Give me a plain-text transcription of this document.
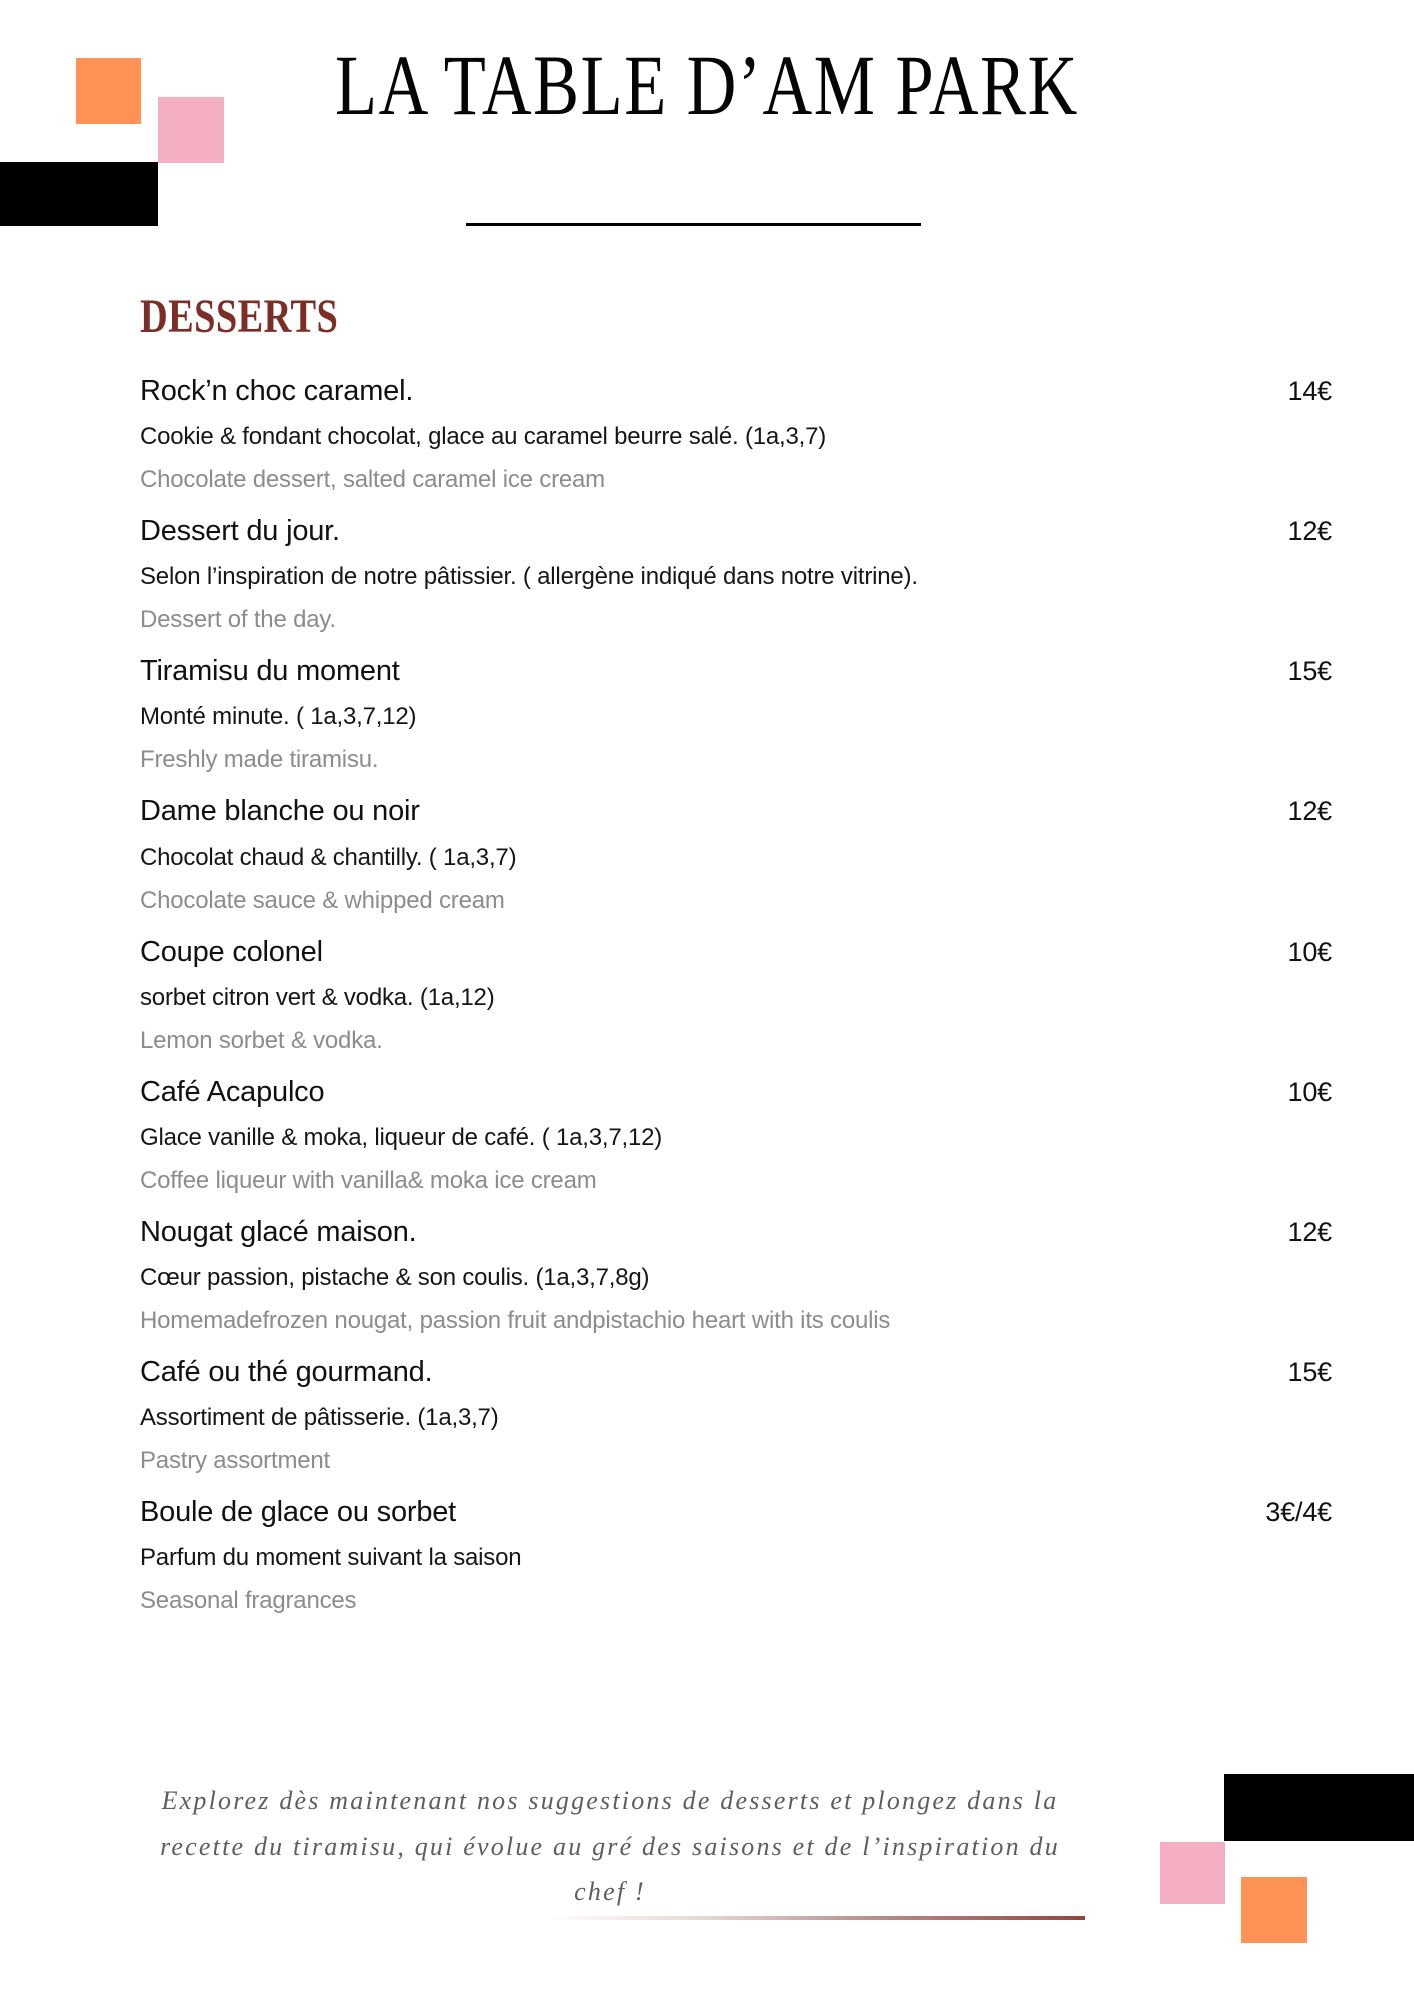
LA TABLE D’AM PARK
DESSERTS
Rock’n choc caramel.	14€
Cookie & fondant chocolat, glace au caramel beurre salé. (1a,3,7)
Chocolate dessert, salted caramel ice cream
Dessert du jour.	12€
Selon l’inspiration de notre pâtissier. ( allergène indiqué dans notre vitrine).
Dessert of the day.
Tiramisu du moment	15€
Monté minute. ( 1a,3,7,12)
Freshly made tiramisu.
Dame blanche ou noir	12€
Chocolat chaud & chantilly. ( 1a,3,7)
Chocolate sauce & whipped cream
Coupe colonel	10€
sorbet citron vert & vodka. (1a,12)
Lemon sorbet & vodka.
Café Acapulco	10€
Glace vanille & moka, liqueur de café. ( 1a,3,7,12)
Coffee liqueur with vanilla& moka ice cream
Nougat glacé maison.	12€
Cœur passion, pistache & son coulis. (1a,3,7,8g)
Homemadefrozen nougat, passion fruit andpistachio heart with its coulis
Café ou thé gourmand.	15€
Assortiment de pâtisserie. (1a,3,7)
Pastry assortment
Boule de glace ou sorbet	3€/4€
Parfum du moment suivant la saison
Seasonal fragrances
Explorez dès maintenant nos suggestions de desserts et plongez dans la recette du tiramisu, qui évolue au gré des saisons et de l’inspiration du chef !
